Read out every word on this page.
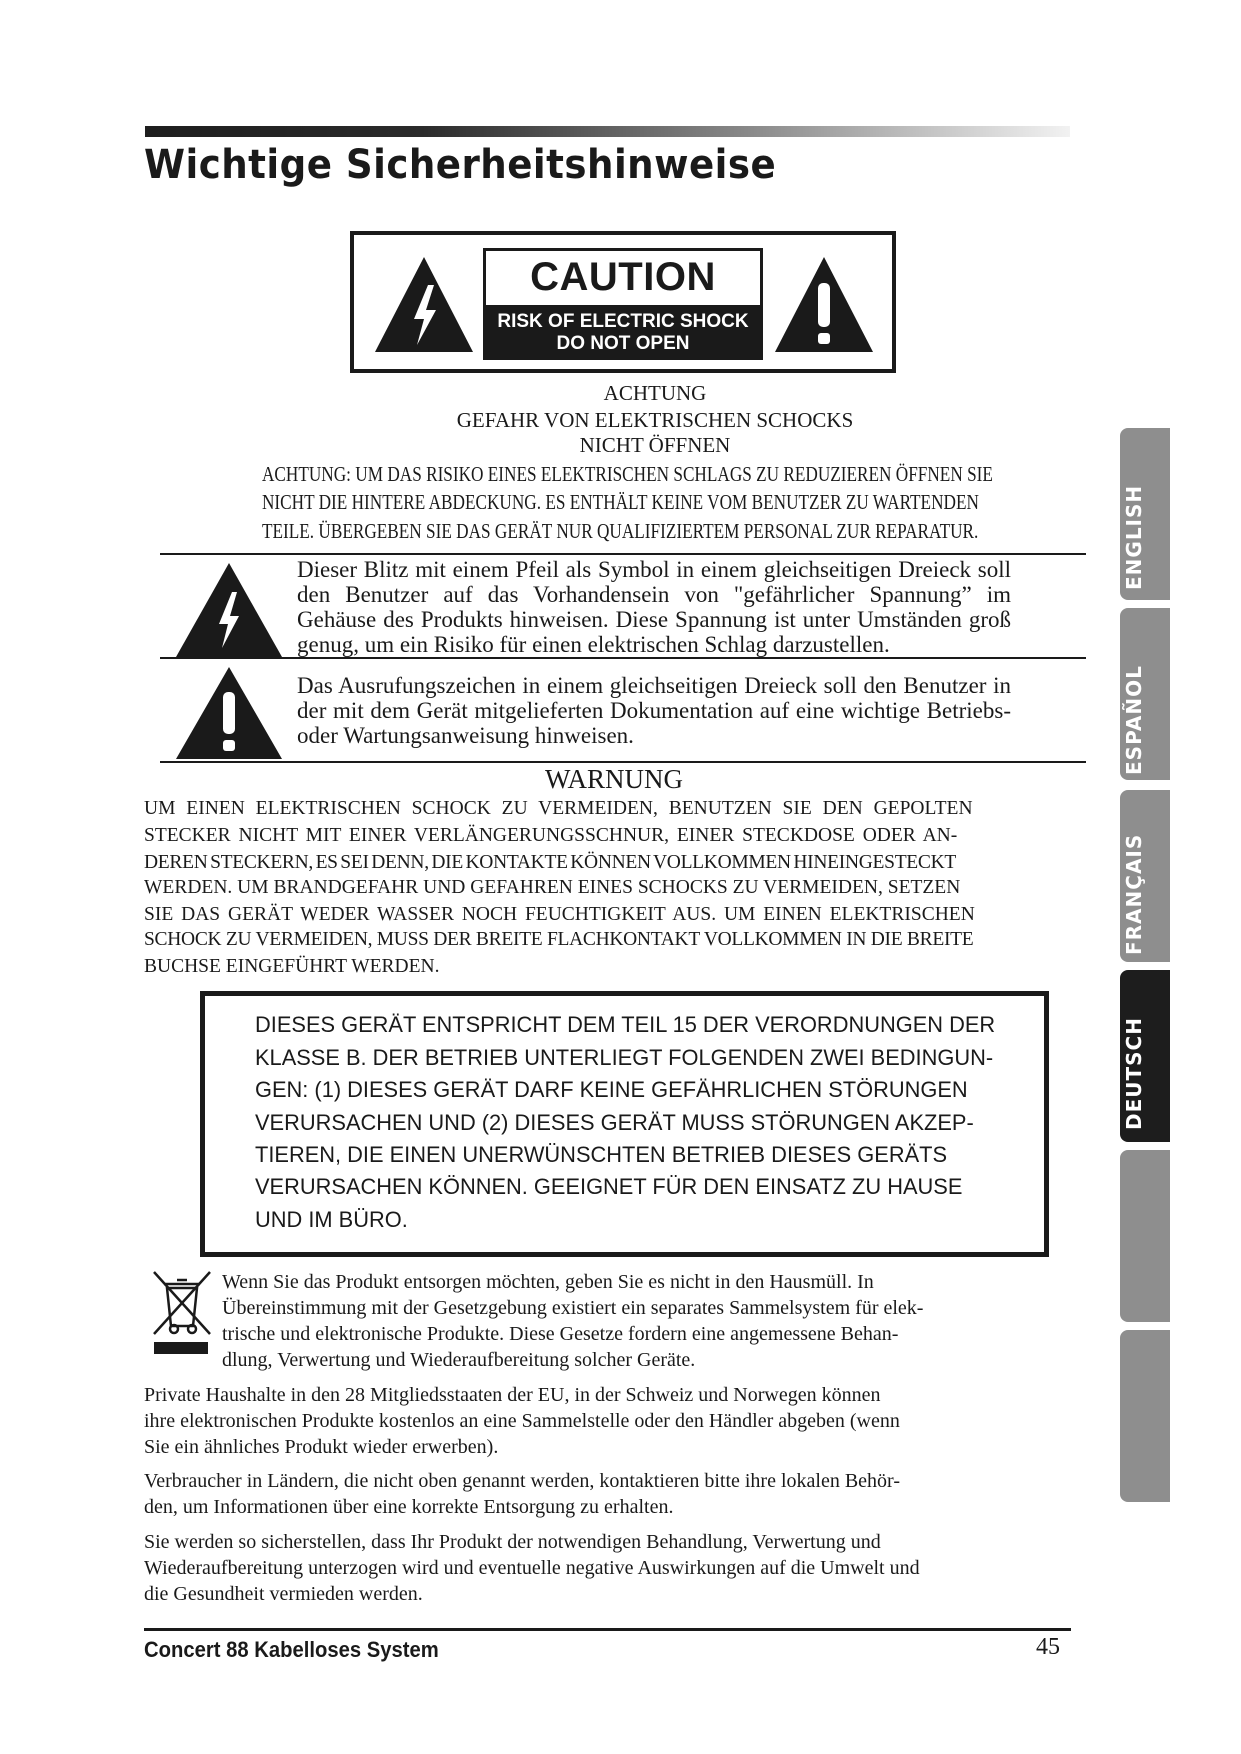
Wichtige Sicherheitshinweise
CAUTION
RISK OF ELECTRIC SHOCK
DO NOT OPEN
ACHTUNG
GEFAHR VON ELEKTRISCHEN SCHOCKS
NICHT ÖFFNEN
ACHTUNG: UM DAS RISIKO EINES ELEKTRISCHEN SCHLAGS ZU REDUZIEREN ÖFFNEN SIE
NICHT DIE HINTERE ABDECKUNG. ES ENTHÄLT KEINE VOM BENUTZER ZU WARTENDEN
TEILE. ÜBERGEBEN SIE DAS GERÄT NUR QUALIFIZIERTEM PERSONAL ZUR REPARATUR.
Dieser Blitz mit einem Pfeil als Symbol in einem gleichseitigen Dreieck soll den Benutzer auf das Vorhandensein von "gefährlicher Spannung” im Gehäuse des Produkts hinweisen. Diese Spannung ist unter Umständen groß genug, um ein Risiko für einen elektrischen Schlag darzustellen.
Das Ausrufungszeichen in einem gleichseitigen Dreieck soll den Benutzer in der mit dem Gerät mitgelieferten Dokumentation auf eine wichtige Betriebs- oder Wartungsanweisung hinweisen.
WARNUNG
UM EINEN ELEKTRISCHEN SCHOCK ZU VERMEIDEN, BENUTZEN SIE DEN GEPOLTEN
STECKER NICHT MIT EINER VERLÄNGERUNGSSCHNUR, EINER STECKDOSE ODER AN-
DEREN STECKERN, ES SEI DENN, DIE KONTAKTE KÖNNEN VOLLKOMMEN HINEINGESTECKT
WERDEN. UM BRANDGEFAHR UND GEFAHREN EINES SCHOCKS ZU VERMEIDEN, SETZEN
SIE DAS GERÄT WEDER WASSER NOCH FEUCHTIGKEIT AUS. UM EINEN ELEKTRISCHEN
SCHOCK ZU VERMEIDEN, MUSS DER BREITE FLACHKONTAKT VOLLKOMMEN IN DIE BREITE
BUCHSE EINGEFÜHRT WERDEN.
DIESES GERÄT ENTSPRICHT DEM TEIL 15 DER VERORDNUNGEN DER
KLASSE B. DER BETRIEB UNTERLIEGT FOLGENDEN ZWEI BEDINGUN-
GEN: (1) DIESES GERÄT DARF KEINE GEFÄHRLICHEN STÖRUNGEN
VERURSACHEN UND (2) DIESES GERÄT MUSS STÖRUNGEN AKZEP-
TIEREN, DIE EINEN UNERWÜNSCHTEN BETRIEB DIESES GERÄTS
VERURSACHEN KÖNNEN. GEEIGNET FÜR DEN EINSATZ ZU HAUSE
UND IM BÜRO.
Wenn Sie das Produkt entsorgen möchten, geben Sie es nicht in den Hausmüll. In
Übereinstimmung mit der Gesetzgebung existiert ein separates Sammelsystem für elek-
trische und elektronische Produkte. Diese Gesetze fordern eine angemessene Behan-
dlung, Verwertung und Wiederaufbereitung solcher Geräte.
Private Haushalte in den 28 Mitgliedsstaaten der EU, in der Schweiz und Norwegen können
ihre elektronischen Produkte kostenlos an eine Sammelstelle oder den Händler abgeben (wenn
Sie ein ähnliches Produkt wieder erwerben).
Verbraucher in Ländern, die nicht oben genannt werden, kontaktieren bitte ihre lokalen Behör-
den, um Informationen über eine korrekte Entsorgung zu erhalten.
Sie werden so sicherstellen, dass Ihr Produkt der notwendigen Behandlung, Verwertung und
Wiederaufbereitung unterzogen wird und eventuelle negative Auswirkungen auf die Umwelt und
die Gesundheit vermieden werden.
Concert 88 Kabelloses System	45
ENGLISH
ESPAÑOL
FRANÇAIS
DEUTSCH
